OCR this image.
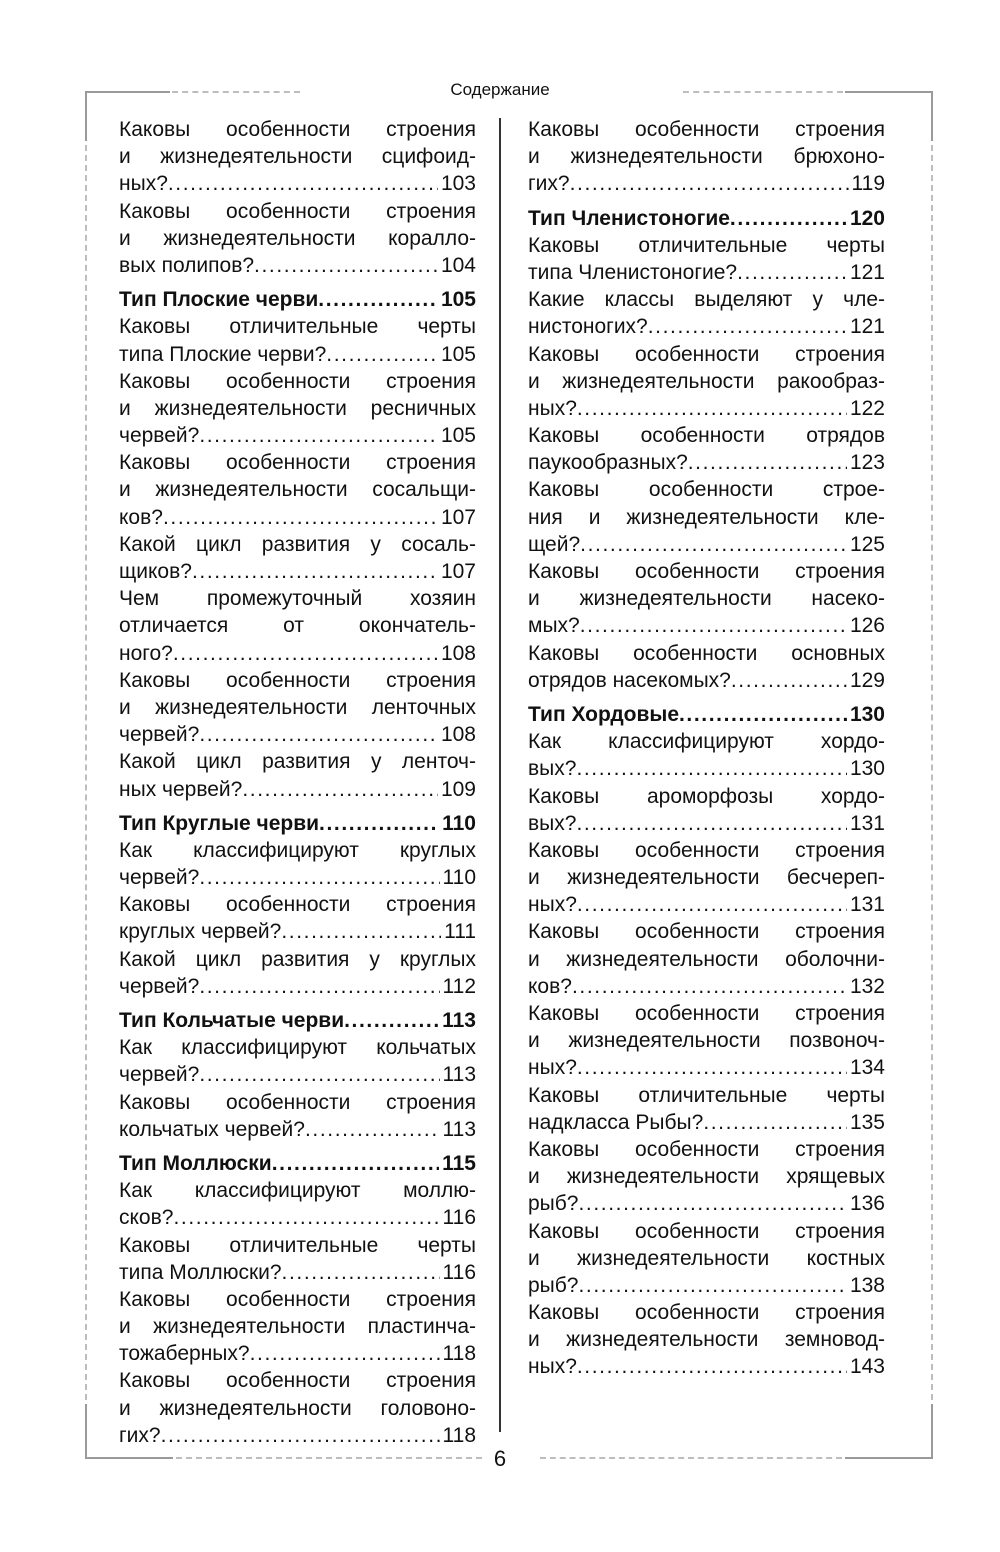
Содержание
Каковы особенности строения
и жизнедеятельности сцифоид-
ных? .....	103
Каковы особенности строения
и жизнедеятельности коралло-
вых полипов? .....	104
Тип Плоские черви .....	105
Каковы отличительные черты
типа Плоские черви? .....	105
Каковы особенности строения
и жизнедеятельности ресничных
червей? .....	105
Каковы особенности строения
и жизнедеятельности сосальщи-
ков? .....	107
Какой цикл развития у сосаль-
щиков? .....	107
Чем промежуточный хозяин
отличается от окончатель-
ного? .....	108
Каковы особенности строения
и жизнедеятельности ленточных
червей? .....	108
Какой цикл развития у ленточ-
ных червей? .....	109
Тип Круглые черви .....	110
Как классифицируют круглых
червей? .....	110
Каковы особенности строения
круглых червей? .....	111
Какой цикл развития у круглых
червей? .....	112
Тип Кольчатые черви .....	113
Как классифицируют кольчатых
червей? .....	113
Каковы особенности строения
кольчатых червей? .....	113
Тип Моллюски .....	115
Как классифицируют моллю-
сков? .....	116
Каковы отличительные черты
типа Моллюски? .....	116
Каковы особенности строения
и жизнедеятельности пластинча-
тожаберных? .....	118
Каковы особенности строения
и жизнедеятельности головоно-
гих? .....	118
Каковы особенности строения
и жизнедеятельности брюхоно-
гих? .....	119
Тип Членистоногие .....	120
Каковы отличительные черты
типа Членистоногие? .....	121
Какие классы выделяют у чле-
нистоногих? .....	121
Каковы особенности строения
и жизнедеятельности ракообраз-
ных? .....	122
Каковы особенности отрядов
паукообразных? .....	123
Каковы особенности строе-
ния и жизнедеятельности кле-
щей? .....	125
Каковы особенности строения
и жизнедеятельности насеко-
мых? .....	126
Каковы особенности основных
отрядов насекомых? .....	129
Тип Хордовые .....	130
Как классифицируют хордо-
вых? .....	130
Каковы ароморфозы хордо-
вых? .....	131
Каковы особенности строения
и жизнедеятельности бесчереп-
ных? .....	131
Каковы особенности строения
и жизнедеятельности оболочни-
ков? .....	132
Каковы особенности строения
и жизнедеятельности позвоноч-
ных? .....	134
Каковы отличительные черты
надкласса Рыбы? .....	135
Каковы особенности строения
и жизнедеятельности хрящевых
рыб? .....	136
Каковы особенности строения
и жизнедеятельности костных
рыб? .....	138
Каковы особенности строения
и жизнедеятельности земновод-
ных? .....	143
6
